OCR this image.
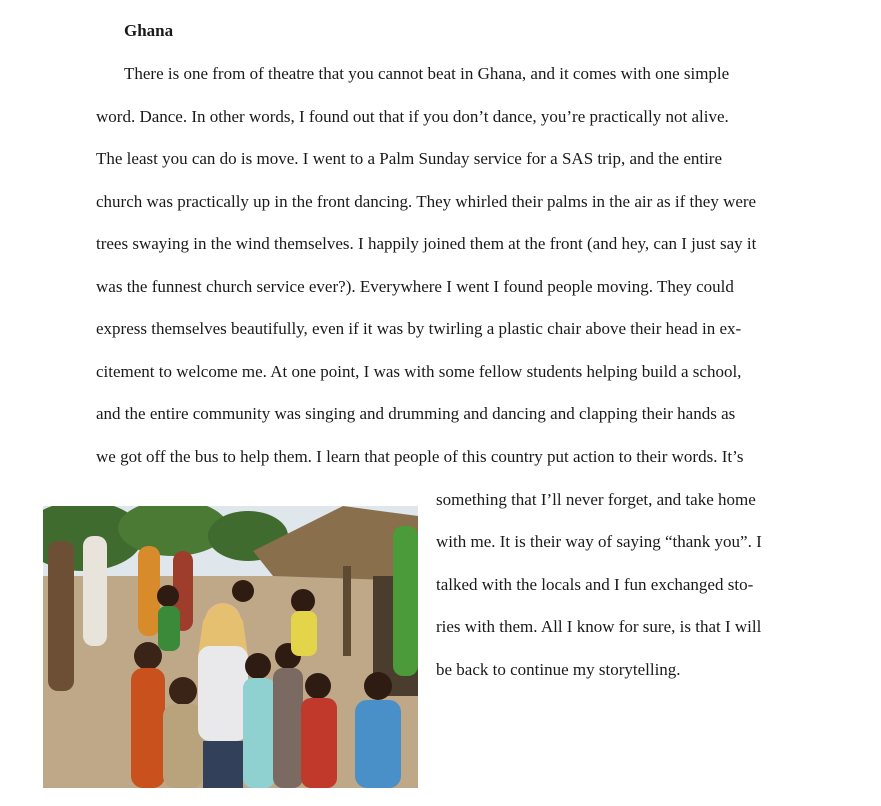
Ghana
There is one from of theatre that you cannot beat in Ghana, and it comes with one simple
word. Dance. In other words, I found out that if you don’t dance, you’re practically not alive.
The least you can do is move. I went to a Palm Sunday service for a SAS trip, and the entire
church was practically up in the front dancing. They whirled their palms in the air as if they were
trees swaying in the wind themselves. I happily joined them at the front (and hey, can I just say it
was the funnest church service ever?). Everywhere I went I found people moving. They could
express themselves beautifully, even if it was by twirling a plastic chair above their head in ex-
citement to welcome me. At one point, I was with some fellow students helping build a school,
and the entire community was singing and drumming and dancing and clapping their hands as
we got off the bus to help them. I learn that people of this country put action to their words. It’s
something that I’ll never forget, and take home
with me. It is their way of saying “thank you”. I
talked with the locals and I fun exchanged sto-
ries with them. All I know for sure, is that I will
be back to continue my storytelling.
